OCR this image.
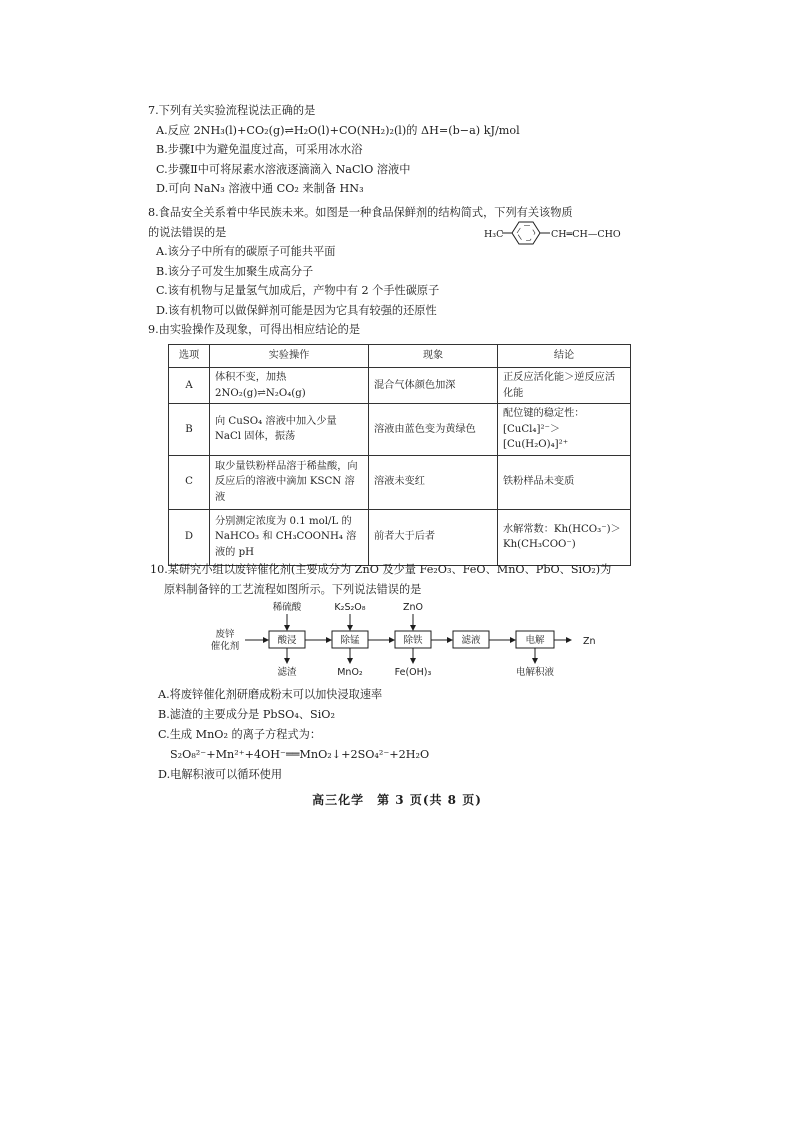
7.下列有关实验流程说法正确的是
A.反应 2NH₃(l)+CO₂(g)⇌H₂O(l)+CO(NH₂)₂(l)的 ΔH=(b−a) kJ/mol
B.步骤Ⅰ中为避免温度过高，可采用冰水浴
C.步骤Ⅱ中可将尿素水溶液逐滴滴入 NaClO 溶液中
D.可向 NaN₃ 溶液中通 CO₂ 来制备 HN₃
8.食品安全关系着中华民族未来。如图是一种食品保鲜剂的结构简式，下列有关该物质
的说法错误的是
A.该分子中所有的碳原子可能共平面
B.该分子可发生加聚生成高分子
C.该有机物与足量氢气加成后，产物中有 2 个手性碳原子
D.该有机物可以做保鲜剂可能是因为它具有较强的还原性
H₃C	CH═CH—CHO
9.由实验操作及现象，可得出相应结论的是
选项	实验操作	现象	结论
A	体积不变，加热 2NO₂(g)⇌N₂O₄(g)	混合气体颜色加深	正反应活化能＞逆反应活化能
B	向 CuSO₄ 溶液中加入少量 NaCl 固体，振荡	溶液由蓝色变为黄绿色	配位键的稳定性：[CuCl₄]²⁻＞[Cu(H₂O)₄]²⁺
C	取少量铁粉样品溶于稀盐酸，向反应后的溶液中滴加 KSCN 溶液	溶液未变红	铁粉样品未变质
D	分别测定浓度为 0.1 mol/L 的 NaHCO₃ 和 CH₃COONH₄ 溶液的 pH	前者大于后者	水解常数：Kh(HCO₃⁻)＞Kh(CH₃COO⁻)
10.某研究小组以废锌催化剂(主要成分为 ZnO 及少量 Fe₂O₃、FeO、MnO、PbO、SiO₂)为
原料制备锌的工艺流程如图所示。下列说法错误的是
废锌
催化剂
酸浸	除锰	除铁	滤液	电解	Zn
稀硫酸	K₂S₂O₈	ZnO
滤渣	MnO₂	Fe(OH)₃	电解积液
A.将废锌催化剂研磨成粉末可以加快浸取速率
B.滤渣的主要成分是 PbSO₄、SiO₂
C.生成 MnO₂ 的离子方程式为：
S₂O₈²⁻+Mn²⁺+4OH⁻══MnO₂↓+2SO₄²⁻+2H₂O
D.电解积液可以循环使用
高三化学　第 3 页(共 8 页)
